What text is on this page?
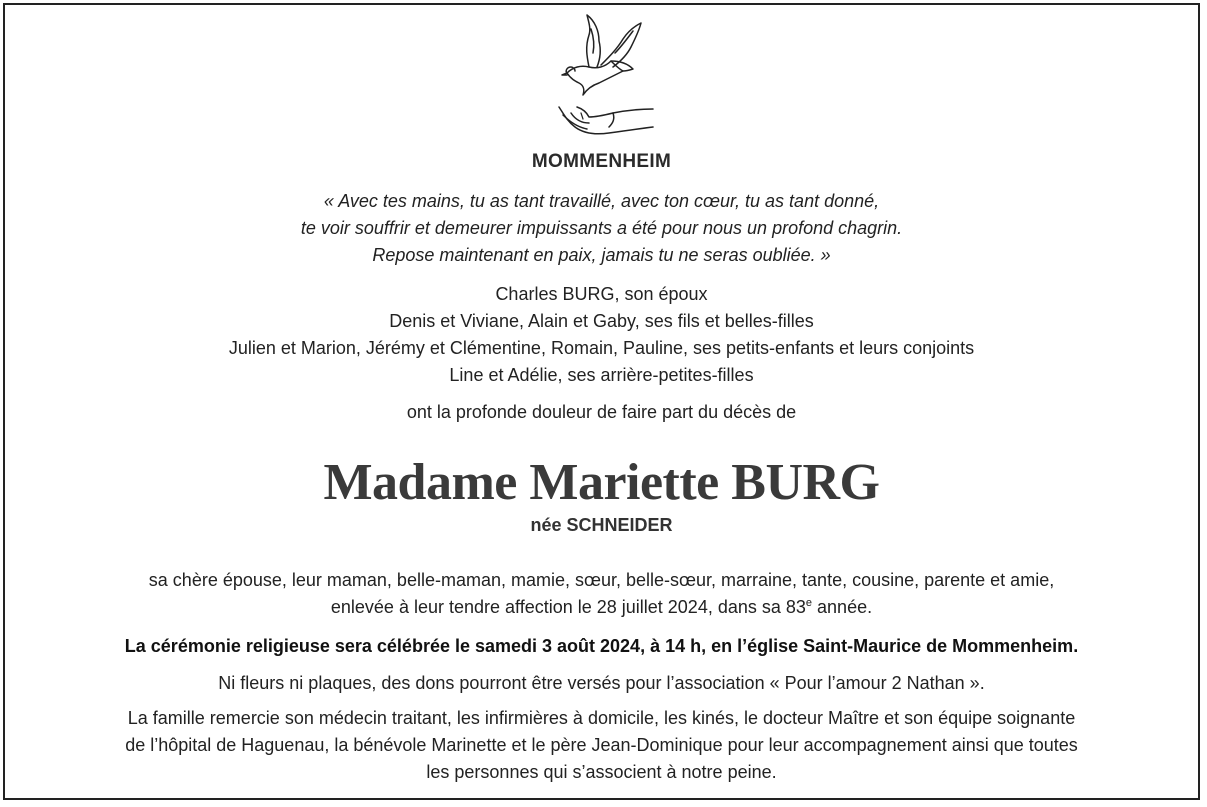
MOMMENHEIM
« Avec tes mains, tu as tant travaillé, avec ton cœur, tu as tant donné,
te voir souffrir et demeurer impuissants a été pour nous un profond chagrin.
Repose maintenant en paix, jamais tu ne seras oubliée. »
Charles BURG, son époux
Denis et Viviane, Alain et Gaby, ses fils et belles-filles
Julien et Marion, Jérémy et Clémentine, Romain, Pauline, ses petits-enfants et leurs conjoints
Line et Adélie, ses arrière-petites-filles
ont la profonde douleur de faire part du décès de
Madame Mariette BURG
née SCHNEIDER
sa chère épouse, leur maman, belle-maman, mamie, sœur, belle-sœur, marraine, tante, cousine, parente et amie,
enlevée à leur tendre affection le 28 juillet 2024, dans sa 83e année.
La cérémonie religieuse sera célébrée le samedi 3 août 2024, à 14 h, en l’église Saint-Maurice de Mommenheim.
Ni fleurs ni plaques, des dons pourront être versés pour l’association « Pour l’amour 2 Nathan ».
La famille remercie son médecin traitant, les infirmières à domicile, les kinés, le docteur Maître et son équipe soignante
de l’hôpital de Haguenau, la bénévole Marinette et le père Jean-Dominique pour leur accompagnement ainsi que toutes
les personnes qui s’associent à notre peine.
